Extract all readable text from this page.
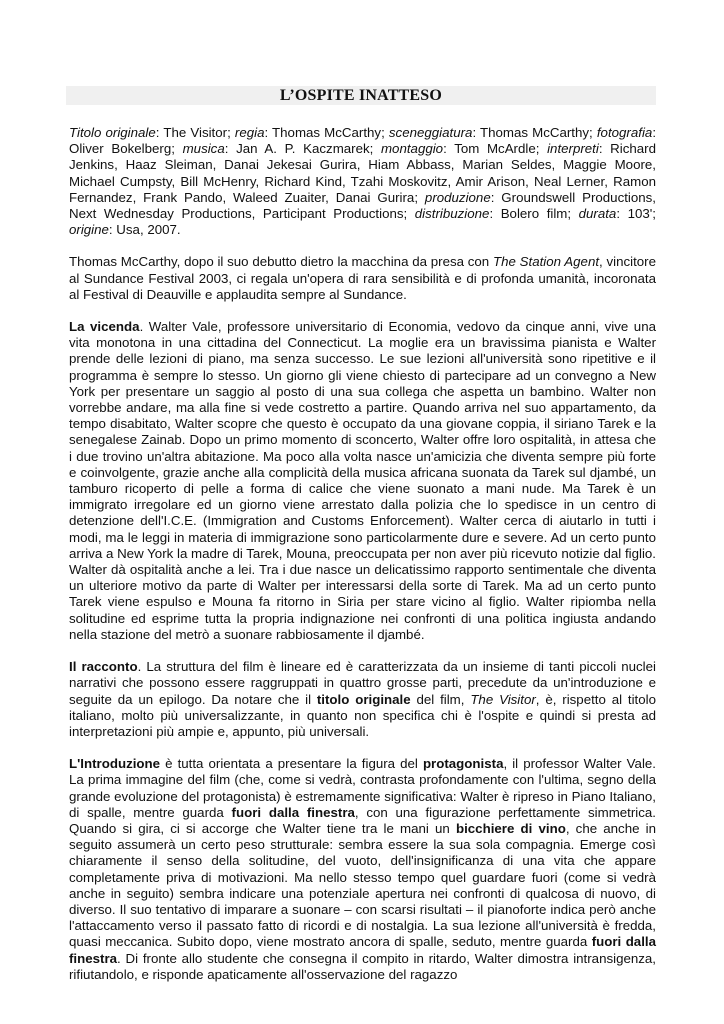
L’OSPITE INATTESO

Titolo originale: The Visitor; regia: Thomas McCarthy; sceneggiatura: Thomas McCarthy; fotografia: Oliver Bokelberg; musica: Jan A. P. Kaczmarek; montaggio: Tom McArdle; interpreti: Richard Jenkins, Haaz Sleiman, Danai Jekesai Gurira, Hiam Abbass, Marian Seldes, Maggie Moore, Michael Cumpsty, Bill McHenry, Richard Kind, Tzahi Moskovitz, Amir Arison, Neal Lerner, Ramon Fernandez, Frank Pando, Waleed Zuaiter, Danai Gurira; produzione: Groundswell Productions, Next Wednesday Productions, Participant Productions; distribuzione: Bolero film; durata: 103'; origine: Usa, 2007.

Thomas McCarthy, dopo il suo debutto dietro la macchina da presa con The Station Agent, vincitore al Sundance Festival 2003, ci regala un'opera di rara sensibilità e di profonda umanità, incoronata al Festival di Deauville e applaudita sempre al Sundance.

La vicenda. Walter Vale, professore universitario di Economia, vedovo da cinque anni, vive una vita monotona in una cittadina del Connecticut. La moglie era un bravissima pianista e Walter prende delle lezioni di piano, ma senza successo. Le sue lezioni all'università sono ripetitive e il programma è sempre lo stesso. Un giorno gli viene chiesto di partecipare ad un convegno a New York per presentare un saggio al posto di una sua collega che aspetta un bambino. Walter non vorrebbe andare, ma alla fine si vede costretto a partire. Quando arriva nel suo appartamento, da tempo disabitato, Walter scopre che questo è occupato da una giovane coppia, il siriano Tarek e la senegalese Zainab. Dopo un primo momento di sconcerto, Walter offre loro ospitalità, in attesa che i due trovino un'altra abitazione. Ma poco alla volta nasce un'amicizia che diventa sempre più forte e coinvolgente, grazie anche alla complicità della musica africana suonata da Tarek sul djambé, un tamburo ricoperto di pelle a forma di calice che viene suonato a mani nude. Ma Tarek è un immigrato irregolare ed un giorno viene arrestato dalla polizia che lo spedisce in un centro di detenzione dell'I.C.E. (Immigration and Customs Enforcement). Walter cerca di aiutarlo in tutti i modi, ma le leggi in materia di immigrazione sono particolarmente dure e severe. Ad un certo punto arriva a New York la madre di Tarek, Mouna, preoccupata per non aver più ricevuto notizie dal figlio. Walter dà ospitalità anche a lei. Tra i due nasce un delicatissimo rapporto sentimentale che diventa un ulteriore motivo da parte di Walter per interessarsi della sorte di Tarek. Ma ad un certo punto Tarek viene espulso e Mouna fa ritorno in Siria per stare vicino al figlio. Walter ripiomba nella solitudine ed esprime tutta la propria indignazione nei confronti di una politica ingiusta andando nella stazione del metrò a suonare rabbiosamente il djambé.

Il racconto. La struttura del film è lineare ed è caratterizzata da un insieme di tanti piccoli nuclei narrativi che possono essere raggruppati in quattro grosse parti, precedute da un'introduzione e seguite da un epilogo. Da notare che il titolo originale del film, The Visitor, è, rispetto al titolo italiano, molto più universalizzante, in quanto non specifica chi è l'ospite e quindi si presta ad interpretazioni più ampie e, appunto, più universali.

L'Introduzione è tutta orientata a presentare la figura del protagonista, il professor Walter Vale. La prima immagine del film (che, come si vedrà, contrasta profondamente con l'ultima, segno della grande evoluzione del protagonista) è estremamente significativa: Walter è ripreso in Piano Italiano, di spalle, mentre guarda fuori dalla finestra, con una figurazione perfettamente simmetrica. Quando si gira, ci si accorge che Walter tiene tra le mani un bicchiere di vino, che anche in seguito assumerà un certo peso strutturale: sembra essere la sua sola compagnia. Emerge così chiaramente il senso della solitudine, del vuoto, dell'insignificanza di una vita che appare completamente priva di motivazioni. Ma nello stesso tempo quel guardare fuori (come si vedrà anche in seguito) sembra indicare una potenziale apertura nei confronti di qualcosa di nuovo, di diverso. Il suo tentativo di imparare a suonare – con scarsi risultati – il pianoforte indica però anche l'attaccamento verso il passato fatto di ricordi e di nostalgia. La sua lezione all'università è fredda, quasi meccanica. Subito dopo, viene mostrato ancora di spalle, seduto, mentre guarda fuori dalla finestra. Di fronte allo studente che consegna il compito in ritardo, Walter dimostra intransigenza, rifiutandolo, e risponde apaticamente all'osservazione del ragazzo
